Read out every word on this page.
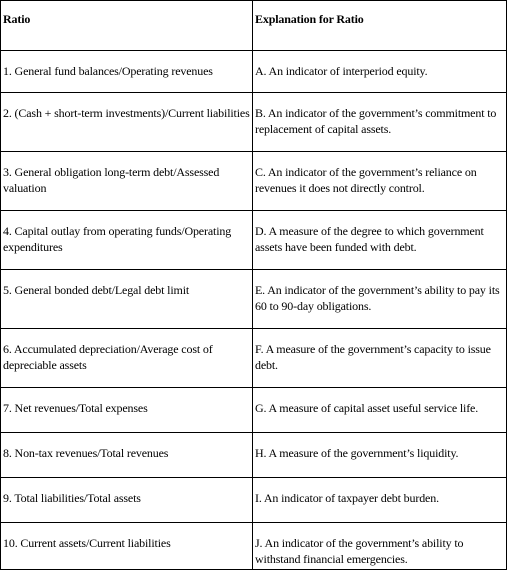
Ratio	Explanation for Ratio
1. General fund balances/Operating revenues	A. An indicator of interperiod equity.
2. (Cash + short-term investments)/Current liabilities	B. An indicator of the government’s commitment to replacement of capital assets.
3. General obligation long-term debt/Assessed valuation	C. An indicator of the government’s reliance on revenues it does not directly control.
4. Capital outlay from operating funds/Operating expenditures	D. A measure of the degree to which government assets have been funded with debt.
5. General bonded debt/Legal debt limit	E. An indicator of the government’s ability to pay its 60 to 90-day obligations.
6. Accumulated depreciation/Average cost of depreciable assets	F. A measure of the government’s capacity to issue debt.
7. Net revenues/Total expenses	G. A measure of capital asset useful service life.
8. Non-tax revenues/Total revenues	H. A measure of the government’s liquidity.
9. Total liabilities/Total assets	I. An indicator of taxpayer debt burden.
10. Current assets/Current liabilities	J. An indicator of the government’s ability to withstand financial emergencies.
